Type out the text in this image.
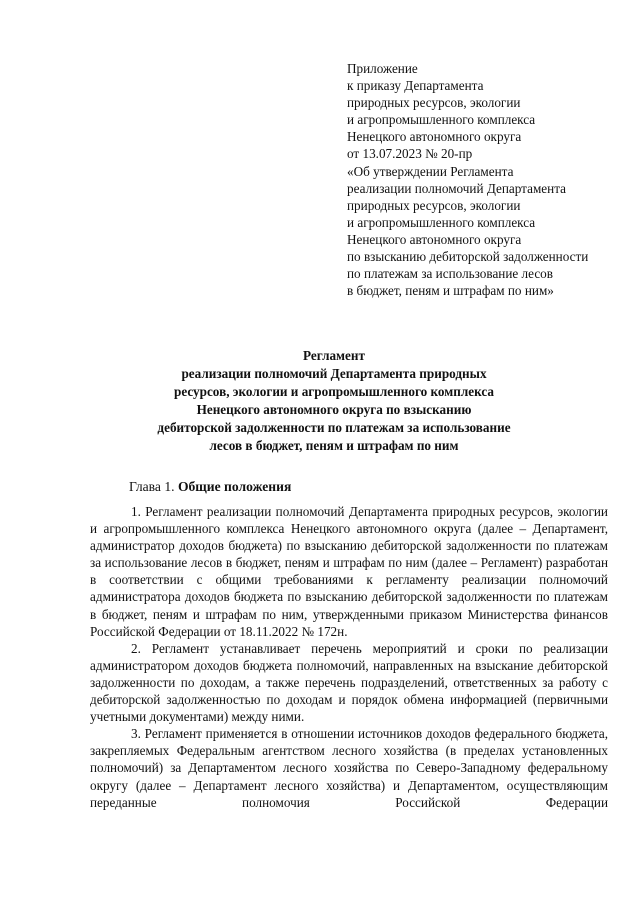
Приложение
к приказу Департамента
природных ресурсов, экологии
и агропромышленного комплекса
Ненецкого автономного округа
от 13.07.2023 № 20-пр
«Об утверждении Регламента
реализации полномочий Департамента
природных ресурсов, экологии
и агропромышленного комплекса
Ненецкого автономного округа
по взысканию дебиторской задолженности
по платежам за использование лесов
в бюджет, пеням и штрафам по ним»
Регламент
реализации полномочий Департамента природных
ресурсов, экологии и агропромышленного комплекса
Ненецкого автономного округа по взысканию
дебиторской задолженности по платежам за использование
лесов в бюджет, пеням и штрафам по ним
Глава 1. Общие положения

1. Регламент реализации полномочий Департамента природных ресурсов, экологии и агропромышленного комплекса Ненецкого автономного округа (далее – Департамент, администратор доходов бюджета) по взысканию дебиторской задолженности по платежам за использование лесов в бюджет, пеням и штрафам по ним (далее – Регламент) разработан в соответствии с общими требованиями к регламенту реализации полномочий администратора доходов бюджета по взысканию дебиторской задолженности по платежам в бюджет, пеням и штрафам по ним, утвержденными приказом Министерства финансов Российской Федерации от 18.11.2022 № 172н.

2. Регламент устанавливает перечень мероприятий и сроки по реализации администратором доходов бюджета полномочий, направленных на взыскание дебиторской задолженности по доходам, а также перечень подразделений, ответственных за работу с дебиторской задолженностью по доходам и порядок обмена информацией (первичными учетными документами) между ними.

3. Регламент применяется в отношении источников доходов федерального бюджета, закрепляемых Федеральным агентством лесного хозяйства (в пределах установленных полномочий) за Департаментом лесного хозяйства по Северо-Западному федеральному округу (далее – Департамент лесного хозяйства) и Департаментом, осуществляющим переданные полномочия Российской Федерации
